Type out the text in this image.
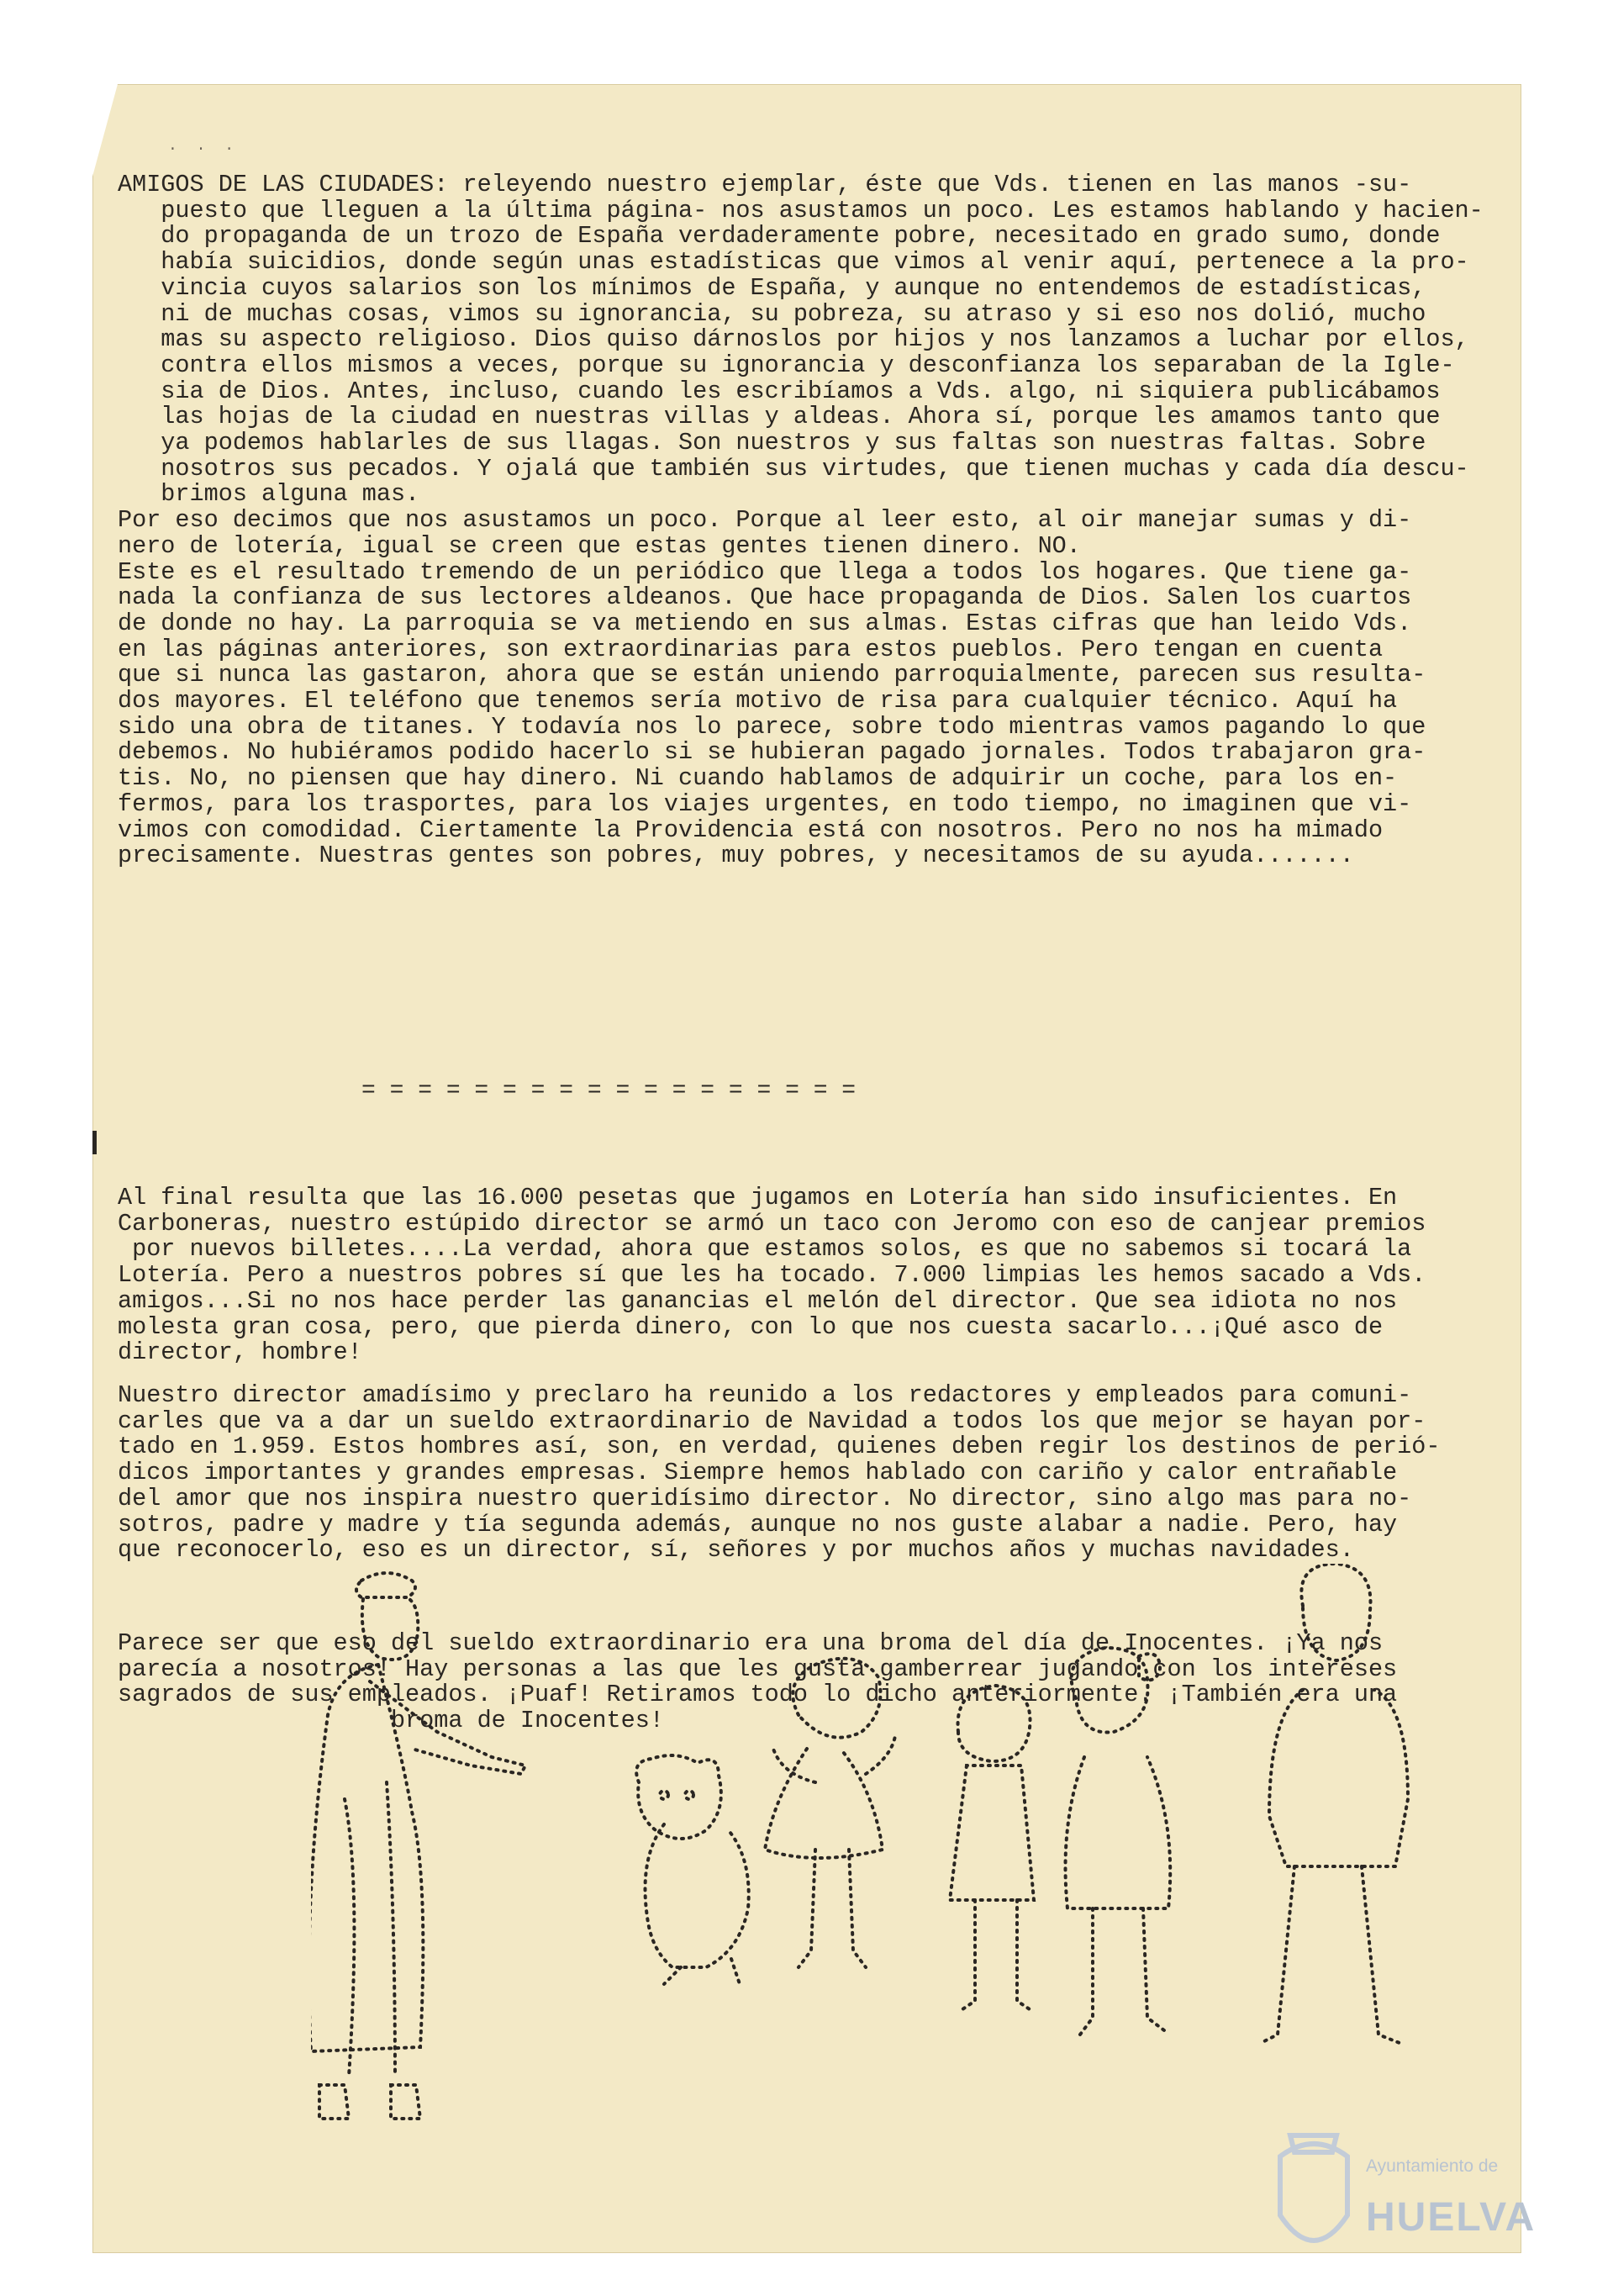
· · ·
AMIGOS DE LAS CIUDADES: releyendo nuestro ejemplar, éste que Vds. tienen en las manos -su-
puesto que lleguen a la última página- nos asustamos un poco. Les estamos hablando y
do propaganda de un trozo de España verdaderamente pobre, necesitado en grado sumo,
había suicidios, donde según unas estadísticas que vimos al venir aquí, pertenece a la
vincia cuyos salarios son los mínimos de España, y aunque no entendemos de estadísticas,
ni de muchas cosas, vimos su ignorancia, su pobreza, su atraso y si eso nos dolió, mucho
mas su aspecto religioso. Dios quiso dárnoslos por hijos y nos lanzamos a luchar por
contra ellos mismos a veces, porque su ignorancia y desconfianza los separaban de la
sia de Dios. Antes, incluso, cuando les escribíamos a Vds. algo, ni siquiera publicábamos
las hojas de la ciudad en nuestras villas y aldeas. Ahora sí, porque les amamos tanto
ya podemos hablarles de sus llagas. Son nuestros y sus faltas son nuestras faltas. Sobre
nosotros sus pecados. Y ojalá que también sus virtudes, que tienen muchas y cada día
brimos alguna mas.
Por eso decimos que nos asustamos un poco. Porque al leer esto, al oir manejar sumas y di-
nero de lotería, igual se creen que estas gentes tienen dinero. NO.
Este es el resultado tremendo de un periódico que llega a todos los hogares. Que tiene ga-
nada la confianza de sus lectores aldeanos. Que hace propaganda de Dios. Salen los cuartos
de donde no hay. La parroquia se va metiendo en sus almas. Estas cifras que han leido Vds.
en las páginas anteriores, son extraordinarias para estos pueblos. Pero tengan en cuenta
que si nunca las gastaron, ahora que se están uniendo parroquialmente, parecen sus resulta-
dos mayores. El teléfono que tenemos sería motivo de risa para cualquier técnico. Aquí ha
sido una obra de titanes. Y todavía nos lo parece, sobre todo mientras vamos pagando lo
debemos. No hubiéramos podido hacerlo si se hubieran pagado jornales. Todos trabajaron
tis. No, no piensen que hay dinero. Ni cuando hablamos de adquirir un coche, para los en-
fermos, para los trasportes, para los viajes urgentes, en todo tiempo, no imaginen que vi-
vimos con comodidad. Ciertamente la Providencia está con nosotros. Pero no nos ha mimado
precisamente. Nuestras gentes son pobres, muy pobres, y necesitamos de su ayuda.......
= = = = = = = = = = = = = = = = = =
Al final resulta que las 16.000 pesetas que jugamos en Lotería han sido insuficientes. En
Carboneras, nuestro estúpido director se armó un taco con Jeromo con eso de canjear premios
por nuevos billetes....La verdad, ahora que estamos solos, es que no sabemos si tocará
Lotería. Pero a nuestros pobres sí que les ha tocado. 7.000 limpias les hemos sacado a
amigos...Si no nos hace perder las ganancias el melón del director. Que sea idiota no nos
molesta gran cosa, pero, que pierda dinero, con lo que nos cuesta sacarlo...¡Qué asco de
director, hombre!
Nuestro director amadísimo y preclaro ha reunido a los redactores y empleados para comuni-
carles que va a dar un sueldo extraordinario de Navidad a todos los que mejor se hayan
tado en 1.959. Estos hombres así, son, en verdad, quienes deben regir los destinos de
dicos importantes y grandes empresas. Siempre hemos hablado con cariño y calor entrañable
del amor que nos inspira nuestro queridísimo director. No director, sino algo mas para no-
sotros, padre y madre y tía segunda además, aunque no nos guste alabar a nadie. Pero, hay
que reconocerlo, eso es un director, sí, señores y por muchos años y muchas navidades.
Parece ser que eso del sueldo extraordinario era una broma del día de Inocentes. ¡Ya nos
parecía a nosotros! Hay personas a las que les gusta gamberrear jugando con los intereses
sagrados de sus empleados. ¡Puaf! Retiramos todo lo dicho anteriormente. ¡También era una
broma de Inocentes!
Ayuntamiento de
HUELVA
